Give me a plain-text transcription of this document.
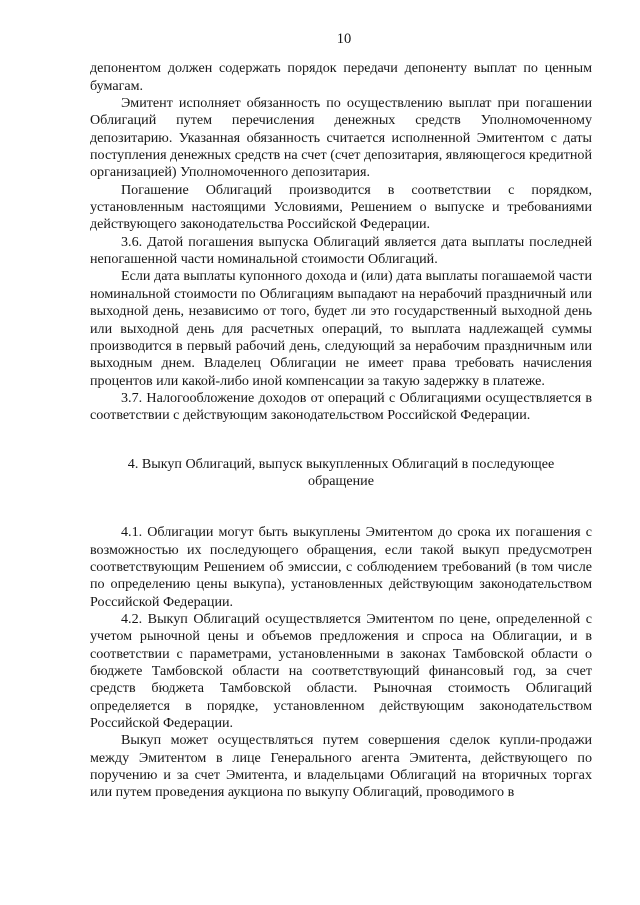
10

депонентом должен содержать порядок передачи депоненту выплат по ценным бумагам.

Эмитент исполняет обязанность по осуществлению выплат при погашении Облигаций путем перечисления денежных средств Уполномоченному депозитарию. Указанная обязанность считается исполненной Эмитентом с даты поступления денежных средств на счет (счет депозитария, являющегося кредитной организацией) Уполномоченного депозитария.

Погашение Облигаций производится в соответствии с порядком, установленным настоящими Условиями, Решением о выпуске и требованиями действующего законодательства Российской Федерации.

3.6. Датой погашения выпуска Облигаций является дата выплаты последней непогашенной части номинальной стоимости Облигаций.

Если дата выплаты купонного дохода и (или) дата выплаты погашаемой части номинальной стоимости по Облигациям выпадают на нерабочий праздничный или выходной день, независимо от того, будет ли это государственный выходной день или выходной день для расчетных операций, то выплата надлежащей суммы производится в первый рабочий день, следующий за нерабочим праздничным или выходным днем. Владелец Облигации не имеет права требовать начисления процентов или какой-либо иной компенсации за такую задержку в платеже.

3.7. Налогообложение доходов от операций с Облигациями осуществляется в соответствии с действующим законодательством Российской Федерации.

4. Выкуп Облигаций, выпуск выкупленных Облигаций в последующее обращение

4.1. Облигации могут быть выкуплены Эмитентом до срока их погашения с возможностью их последующего обращения, если такой выкуп предусмотрен соответствующим Решением об эмиссии, с соблюдением требований (в том числе по определению цены выкупа), установленных действующим законодательством Российской Федерации.

4.2. Выкуп Облигаций осуществляется Эмитентом по цене, определенной с учетом рыночной цены и объемов предложения и спроса на Облигации, и в соответствии с параметрами, установленными в законах Тамбовской области о бюджете Тамбовской области на соответствующий финансовый год, за счет средств бюджета Тамбовской области. Рыночная стоимость Облигаций определяется в порядке, установленном действующим законодательством Российской Федерации.

Выкуп может осуществляться путем совершения сделок купли-продажи между Эмитентом в лице Генерального агента Эмитента, действующего по поручению и за счет Эмитента, и владельцами Облигаций на вторичных торгах или путем проведения аукциона по выкупу Облигаций, проводимого в
